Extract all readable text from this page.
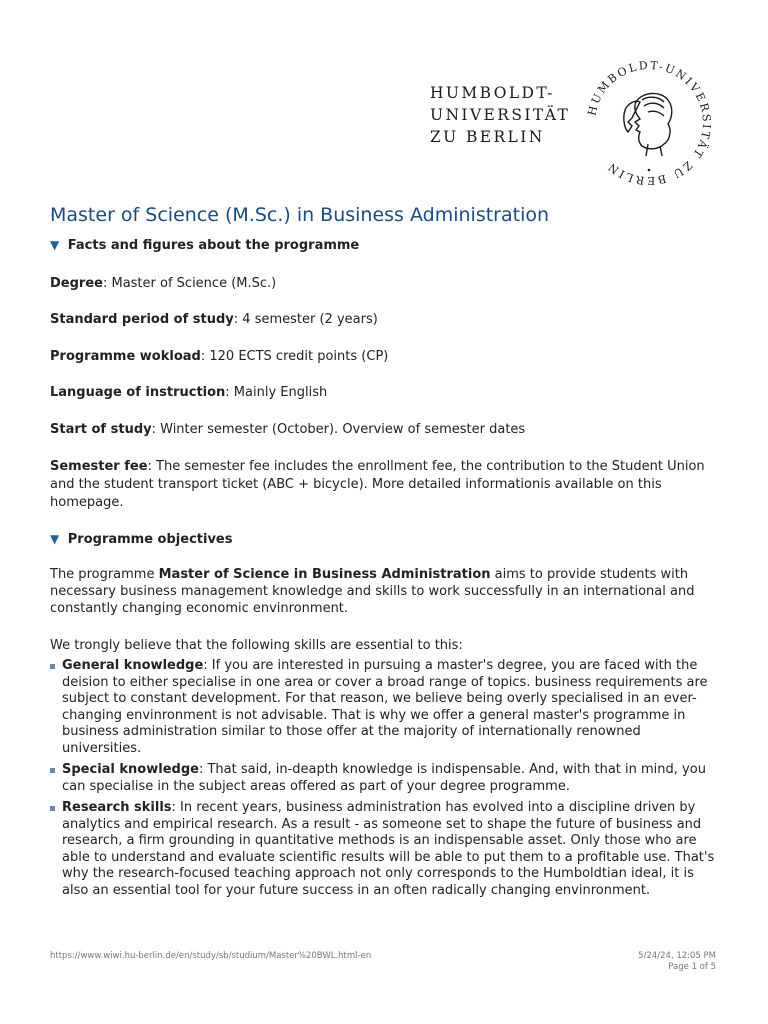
HUMBOLDT-
UNIVERSITÄT
ZU BERLIN
HUMBOLDT-UNIVERSITÄT ZU BERLIN
Master of Science (M.Sc.) in Business Administration
▼ Facts and figures about the programme
Degree: Master of Science (M.Sc.)
Standard period of study: 4 semester (2 years)
Programme wokload: 120 ECTS credit points (CP)
Language of instruction: Mainly English
Start of study: Winter semester (October). Overview of semester dates
Semester fee: The semester fee includes the enrollment fee, the contribution to the Student Union and the student transport ticket (ABC + bicycle). More detailed informationis available on this homepage.
▼ Programme objectives

The programme Master of Science in Business Administration aims to provide students with necessary business management knowledge and skills to work successfully in an international and constantly changing economic envinronment.

We trongly believe that the following skills are essential to this:

General knowledge: If you are interested in pursuing a master's degree, you are faced with the deision to either specialise in one area or cover a broad range of topics. business requirements are subject to constant development. For that reason, we believe being overly specialised in an ever-changing envinronment is not advisable. That is why we offer a general master's programme in business administration similar to those offer at the majority of internationally renowned universities.
Special knowledge: That said, in-deapth knowledge is indispensable. And, with that in mind, you can specialise in the subject areas offered as part of your degree programme.
Research skills: In recent years, business administration has evolved into a discipline driven by analytics and empirical research. As a result - as someone set to shape the future of business and research, a firm grounding in quantitative methods is an indispensable asset. Only those who are able to understand and evaluate scientific results will be able to put them to a profitable use. That's why the research-focused teaching approach not only corresponds to the Humboldtian ideal, it is also an essential tool for your future success in an often radically changing envinronment.
https://www.wiwi.hu-berlin.de/en/study/sb/studium/Master%20BWL.html-en	5/24/24, 12:05 PM
Page 1 of 5
